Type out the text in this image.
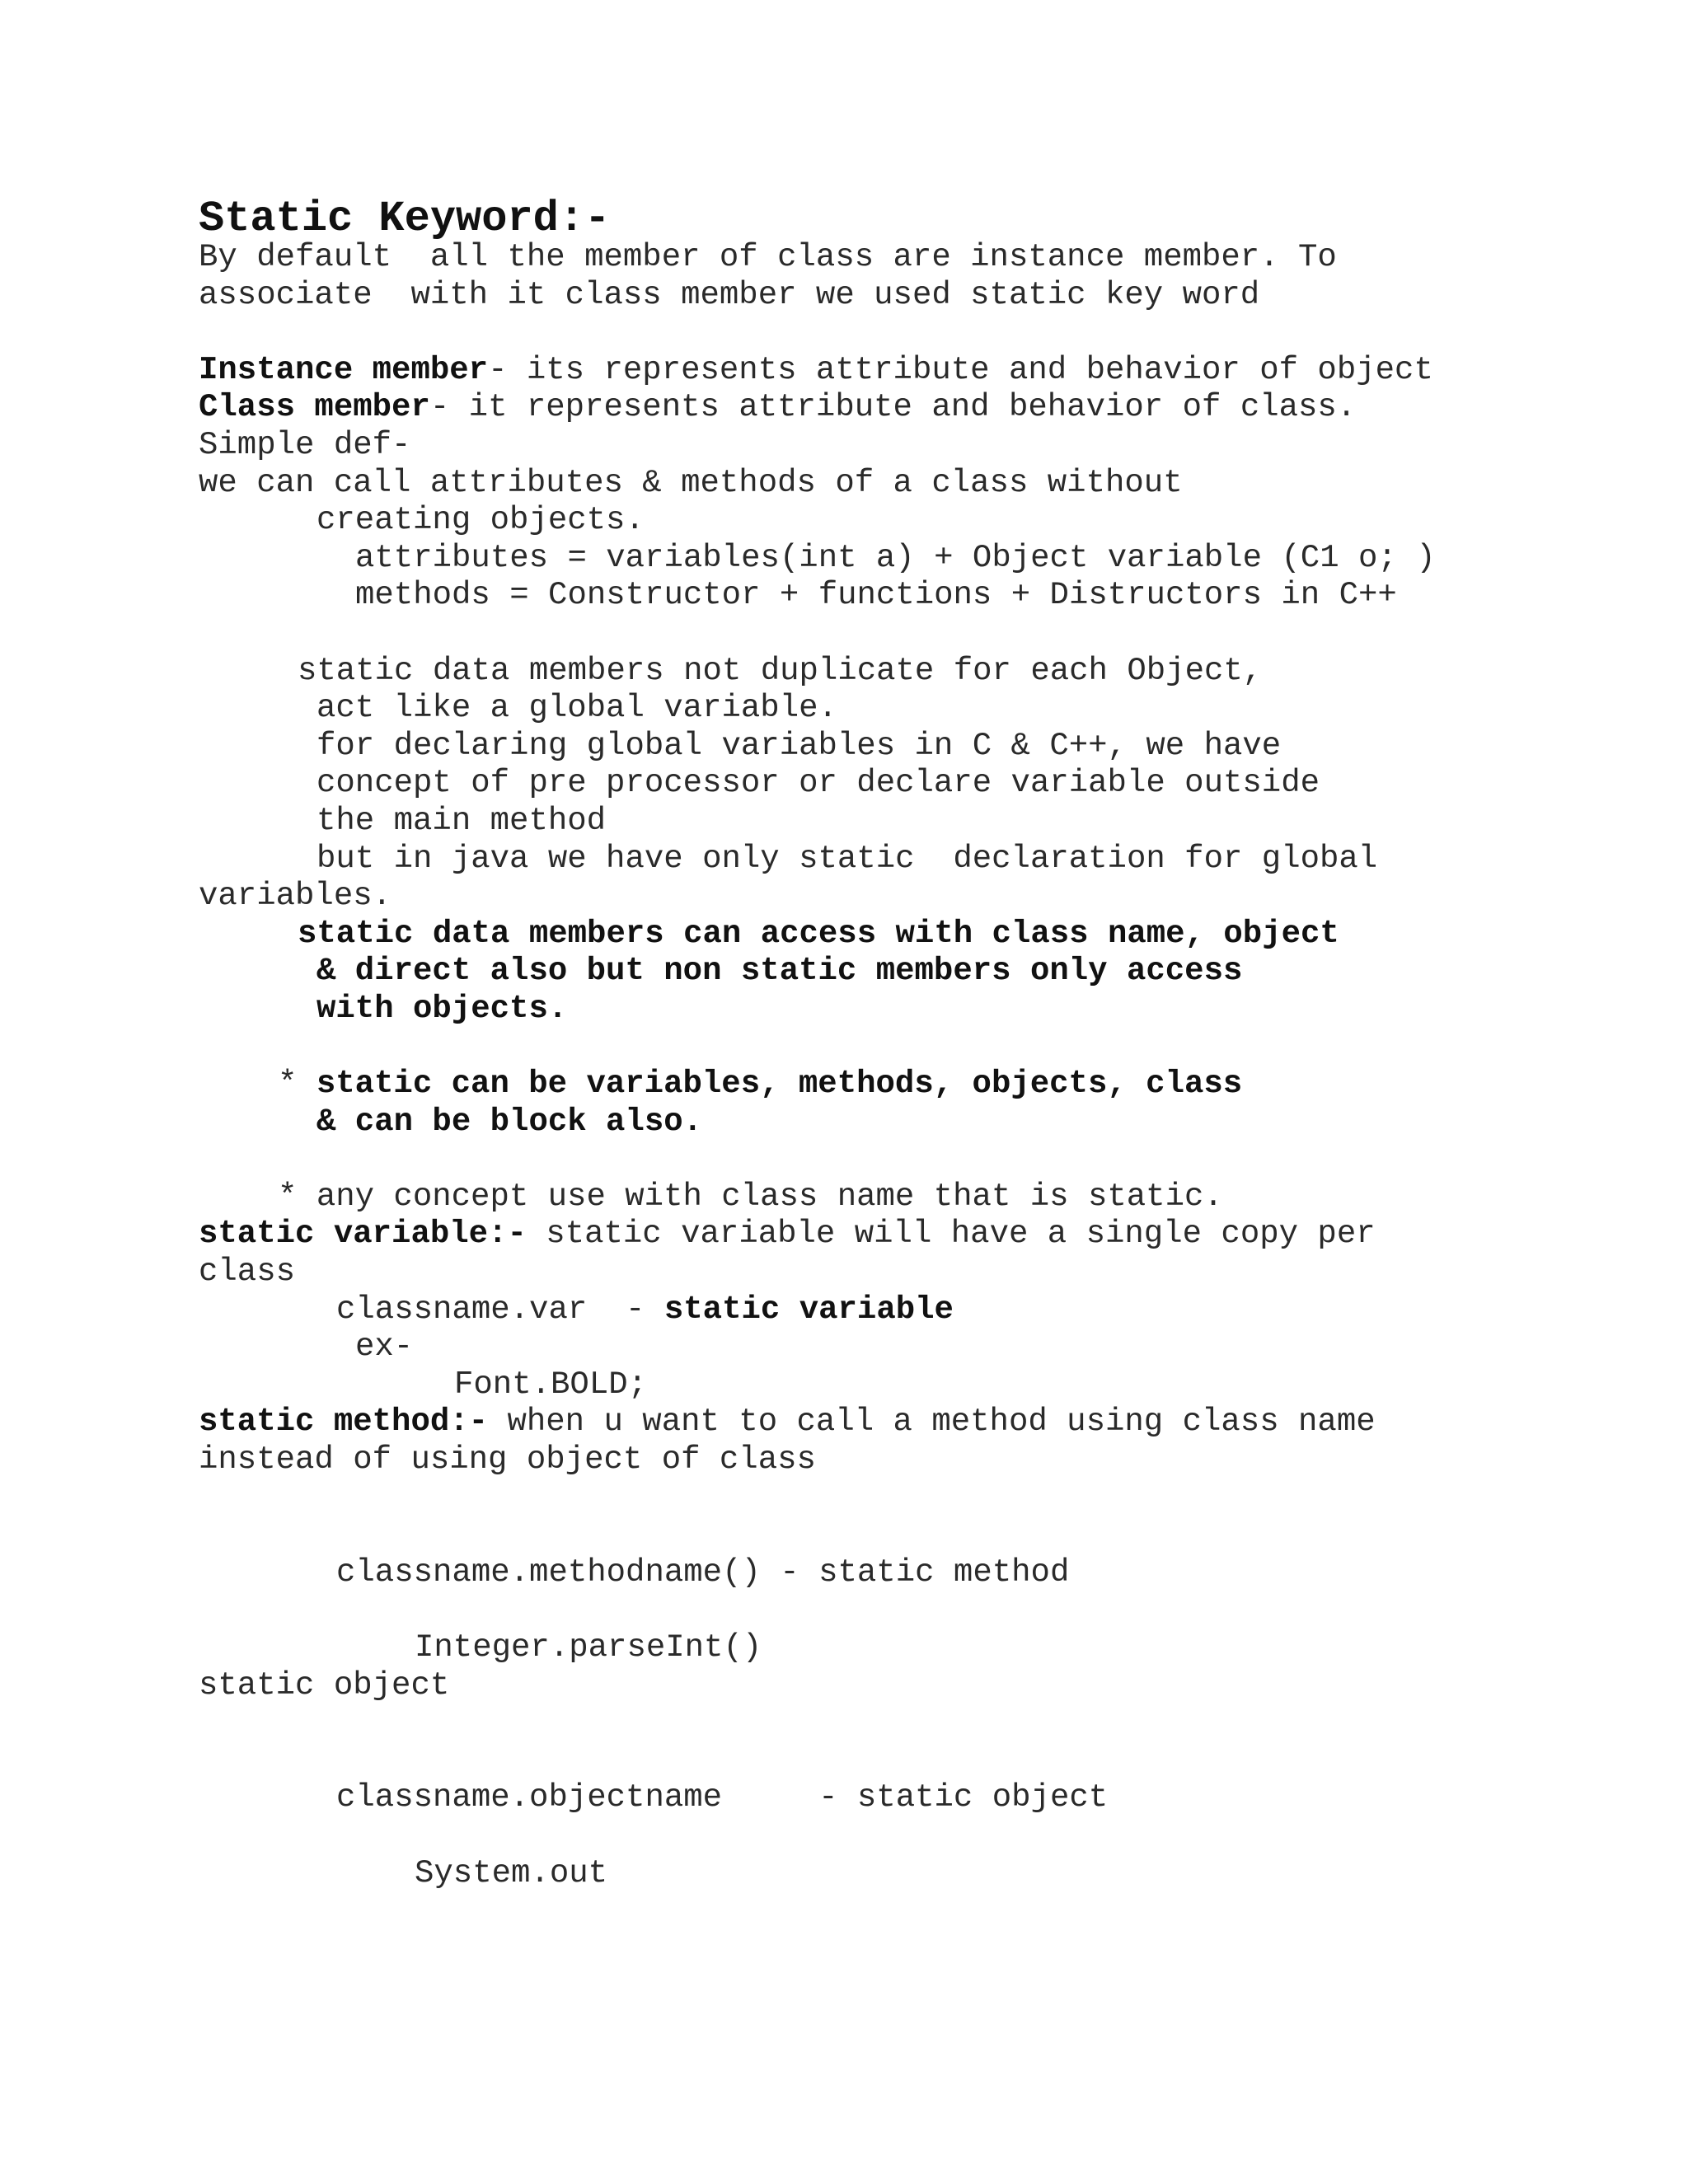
Static Keyword:-
By default  all the member of class are instance member. To
associate  with it class member we used static key word
Instance member- its represents attribute and behavior of object
Class member- it represents attribute and behavior of class.
Simple def-
we can call attributes & methods of a class without
creating objects.
attributes = variables(int a) + Object variable (C1 o; )
methods = Constructor + functions + Distructors in C++
static data members not duplicate for each Object,
act like a global variable.
for declaring global variables in C & C++, we have
concept of pre processor or declare variable outside
the main method
but in java we have only static  declaration for global
variables.
static data members can access with class name, object
& direct also but non static members only access
with objects.
* static can be variables, methods, objects, class
& can be block also.
* any concept use with class name that is static.
static variable:- static variable will have a single copy per
class
classname.var  - static variable
ex-
Font.BOLD;
static method:- when u want to call a method using class name
instead of using object of class
classname.methodname() - static method
Integer.parseInt()
static object
classname.objectname     - static object
System.out
